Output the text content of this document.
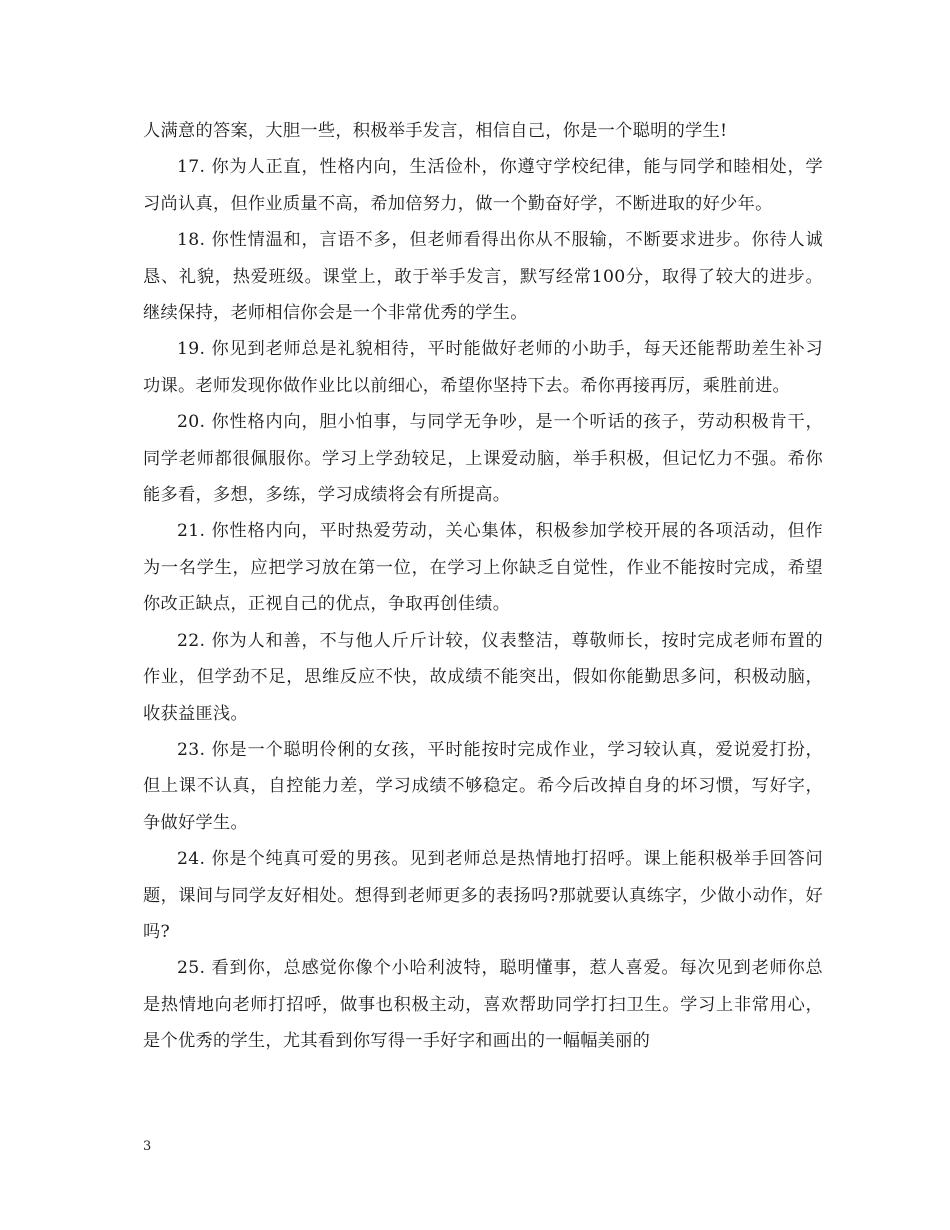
人满意的答案，大胆一些，积极举手发言，相信自己，你是一个聪明的学生!

17. 你为人正直，性格内向，生活俭朴，你遵守学校纪律，能与同学和睦相处，学习尚认真，但作业质量不高，希加倍努力，做一个勤奋好学，不断进取的好少年。

18. 你性情温和，言语不多，但老师看得出你从不服输，不断要求进步。你待人诚恳、礼貌，热爱班级。课堂上，敢于举手发言，默写经常100分，取得了较大的进步。继续保持，老师相信你会是一个非常优秀的学生。

19. 你见到老师总是礼貌相待，平时能做好老师的小助手，每天还能帮助差生补习功课。老师发现你做作业比以前细心，希望你坚持下去。希你再接再厉，乘胜前进。

20. 你性格内向，胆小怕事，与同学无争吵，是一个听话的孩子，劳动积极肯干，同学老师都很佩服你。学习上学劲较足，上课爱动脑，举手积极，但记忆力不强。希你能多看，多想，多练，学习成绩将会有所提高。

21. 你性格内向，平时热爱劳动，关心集体，积极参加学校开展的各项活动，但作为一名学生，应把学习放在第一位，在学习上你缺乏自觉性，作业不能按时完成，希望你改正缺点，正视自己的优点，争取再创佳绩。

22. 你为人和善，不与他人斤斤计较，仪表整洁，尊敬师长，按时完成老师布置的作业，但学劲不足，思维反应不快，故成绩不能突出，假如你能勤思多问，积极动脑，收获益匪浅。

23. 你是一个聪明伶俐的女孩，平时能按时完成作业，学习较认真，爱说爱打扮，但上课不认真，自控能力差，学习成绩不够稳定。希今后改掉自身的坏习惯，写好字，争做好学生。

24. 你是个纯真可爱的男孩。见到老师总是热情地打招呼。课上能积极举手回答问题，课间与同学友好相处。想得到老师更多的表扬吗?那就要认真练字，少做小动作，好吗?

25. 看到你，总感觉你像个小哈利波特，聪明懂事，惹人喜爱。每次见到老师你总是热情地向老师打招呼，做事也积极主动，喜欢帮助同学打扫卫生。学习上非常用心，是个优秀的学生，尤其看到你写得一手好字和画出的一幅幅美丽的

3
